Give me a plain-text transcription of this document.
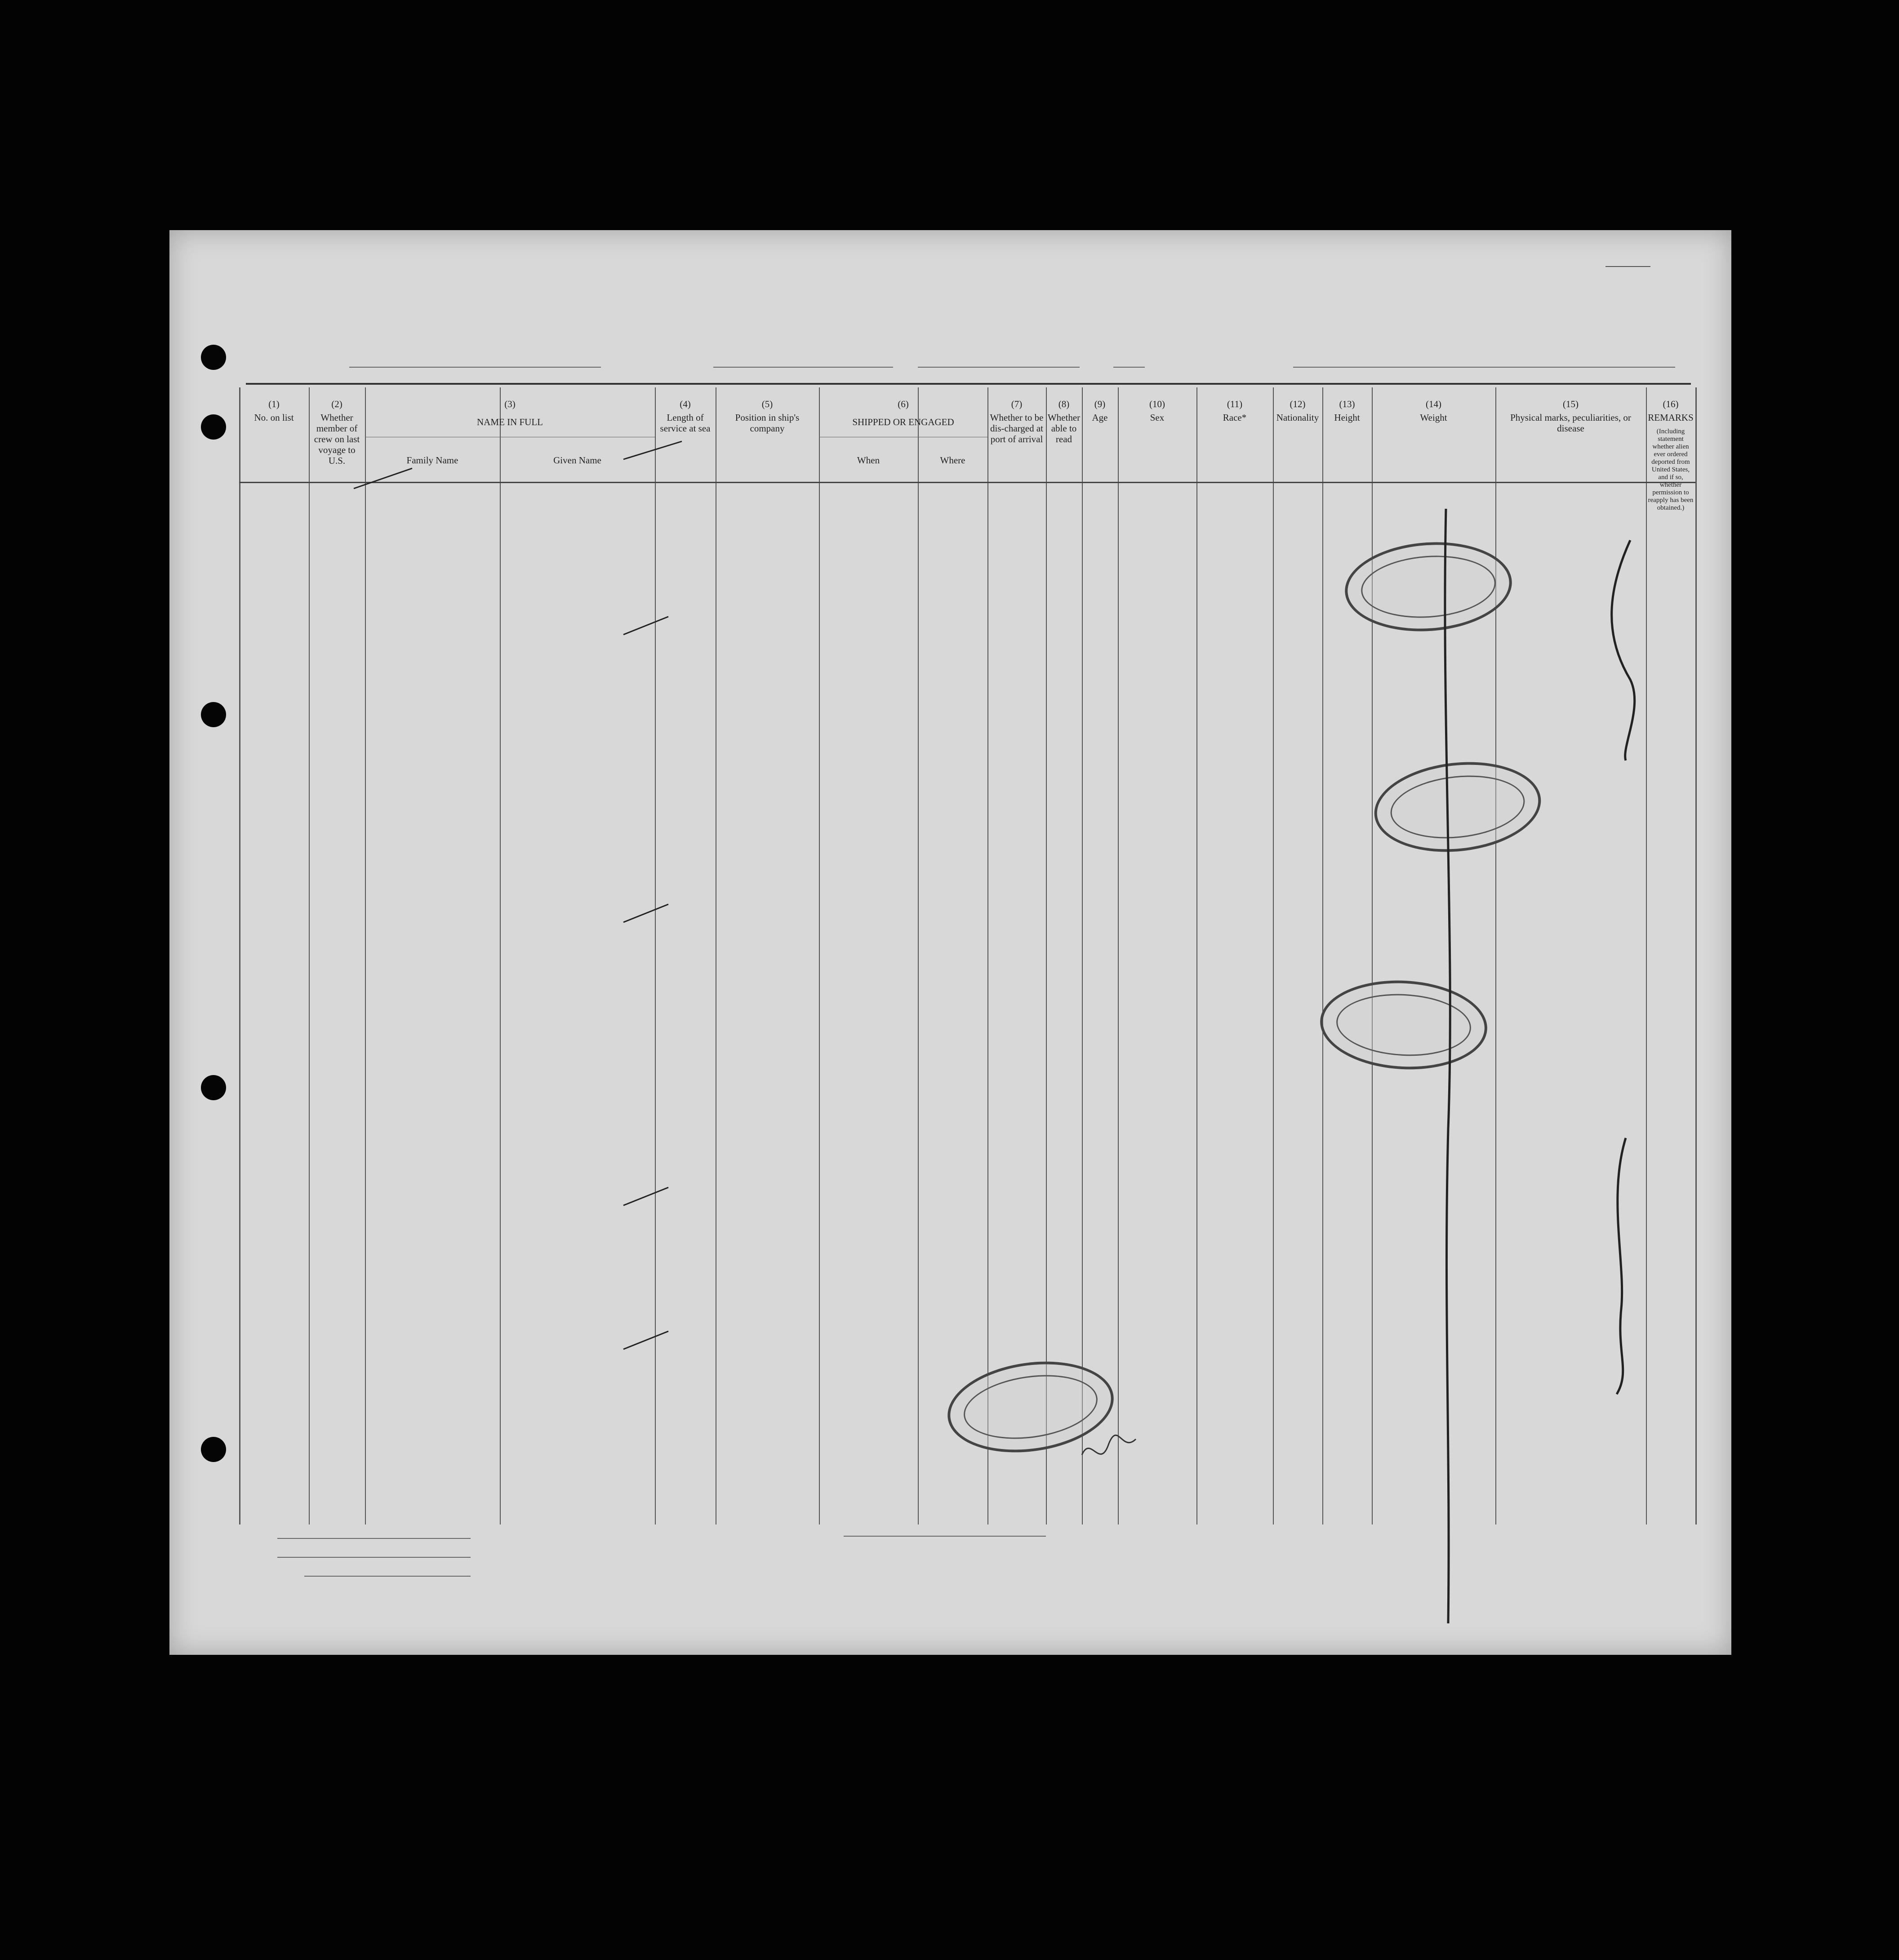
(1)
No. on list
(2)
Whether member of crew on last voyage to U.S.
(3)
NAME IN FULL
Family Name	Given Name
(4)
Length of service at sea
(5)
Position in ship's company
(6)
SHIPPED OR ENGAGED
When	Where
(7)
Whether to be dis-charged at port of arrival
(8)
Whether able to read
(9)
Age
(10)
Sex
(11)
Race*
(12)
Nationality
(13)
Height
(14)
Weight
(15)
Physical marks, peculiarities, or disease
(16)
REMARKS
(Including statement whether alien ever ordered deported from United States, and if so, whether permission to reapply has been obtained.)
